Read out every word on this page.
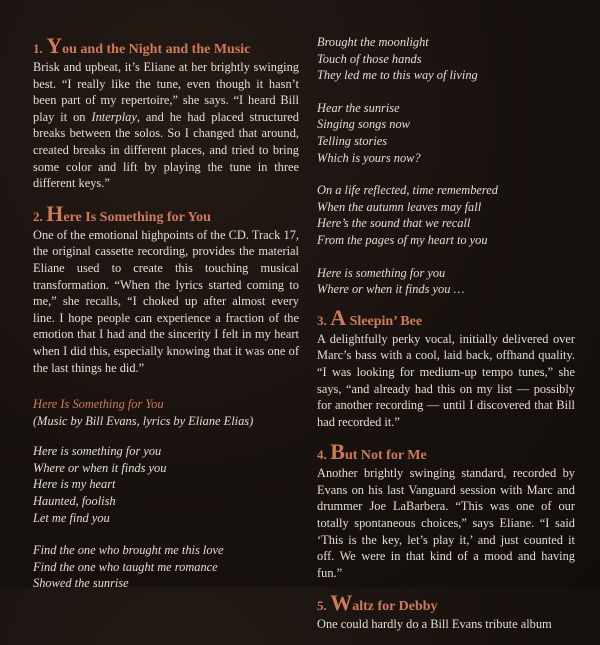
1. You and the Night and the Music

Brisk and upbeat, it’s Eliane at her brightly swinging best. “I really like the tune, even though it hasn’t been part of my repertoire,” she says. “I heard Bill play it on Interplay, and he had placed structured breaks between the solos. So I changed that around, created breaks in different places, and tried to bring some color and lift by playing the tune in three different keys.”

2. Here Is Something for You

One of the emotional highpoints of the CD. Track 17, the original cassette recording, provides the material Eliane used to create this touching musical transformation. “When the lyrics started coming to me,” she recalls, “I choked up after almost every line. I hope people can experience a fraction of the emotion that I had and the sincerity I felt in my heart when I did this, especially knowing that it was one of the last things he did.”

Here Is Something for You

(Music by Bill Evans, lyrics by Eliane Elias)

Here is something for you

Where or when it finds you

Here is my heart

Haunted, foolish

Let me find you

Find the one who brought me this love

Find the one who taught me romance

Showed the sunrise

Brought the moonlight

Touch of those hands

They led me to this way of living

Hear the sunrise

Singing songs now

Telling stories

Which is yours now?

On a life reflected, time remembered

When the autumn leaves may fall

Here’s the sound that we recall

From the pages of my heart to you

Here is something for you

Where or when it finds you …

3. A Sleepin’ Bee

A delightfully perky vocal, initially delivered over Marc’s bass with a cool, laid back, offhand quality. “I was looking for medium-up tempo tunes,” she says, “and already had this on my list — possibly for another recording — until I discovered that Bill had recorded it.”

4. But Not for Me

Another brightly swinging standard, recorded by Evans on his last Vanguard session with Marc and drummer Joe LaBarbera. “This was one of our totally spontaneous choices,” says Eliane. “I said ‘This is the key, let’s play it,’ and just counted it off. We were in that kind of a mood and having fun.”

5. Waltz for Debby

One could hardly do a Bill Evans tribute album
